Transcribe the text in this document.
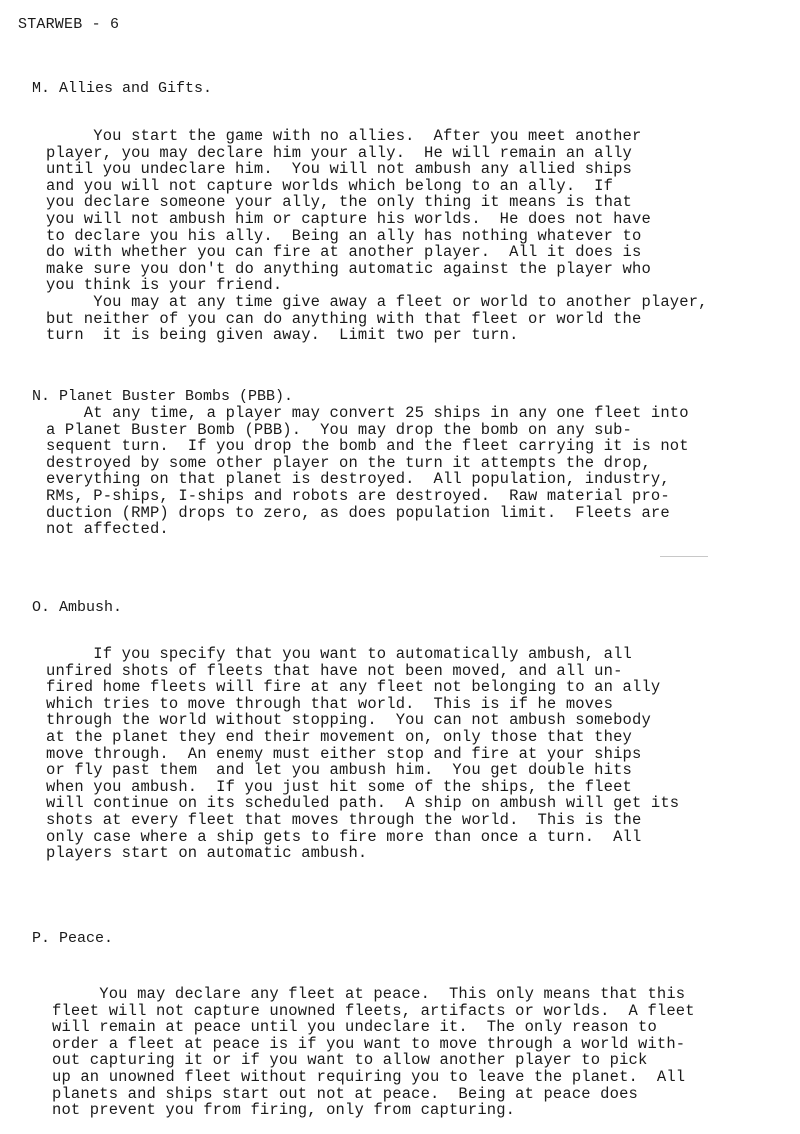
STARWEB - 6
M. Allies and Gifts.
You start the game with no allies.  After you meet another
player, you may declare him your ally.  He will remain an ally
until you undeclare him.  You will not ambush any allied ships
and you will not capture worlds which belong to an ally.  If
you declare someone your ally, the only thing it means is that
you will not ambush him or capture his worlds.  He does not have
to declare you his ally.  Being an ally has nothing whatever to
do with whether you can fire at another player.  All it does is
make sure you don't do anything automatic against the player who
you think is your friend.
You may at any time give away a fleet or world to another player,
but neither of you can do anything with that fleet or world the
turn  it is being given away.  Limit two per turn.
N. Planet Buster Bombs (PBB).
At any time, a player may convert 25 ships in any one fleet into
a Planet Buster Bomb (PBB).  You may drop the bomb on any sub-
sequent turn.  If you drop the bomb and the fleet carrying it is not
destroyed by some other player on the turn it attempts the drop,
everything on that planet is destroyed.  All population, industry,
RMs, P-ships, I-ships and robots are destroyed.  Raw material pro-
duction (RMP) drops to zero, as does population limit.  Fleets are
not affected.
O. Ambush.
If you specify that you want to automatically ambush, all
unfired shots of fleets that have not been moved, and all un-
fired home fleets will fire at any fleet not belonging to an ally
which tries to move through that world.  This is if he moves
through the world without stopping.  You can not ambush somebody
at the planet they end their movement on, only those that they
move through.  An enemy must either stop and fire at your ships
or fly past them  and let you ambush him.  You get double hits
when you ambush.  If you just hit some of the ships, the fleet
will continue on its scheduled path.  A ship on ambush will get its
shots at every fleet that moves through the world.  This is the
only case where a ship gets to fire more than once a turn.  All
players start on automatic ambush.
P. Peace.
You may declare any fleet at peace.  This only means that this
fleet will not capture unowned fleets, artifacts or worlds.  A fleet
will remain at peace until you undeclare it.  The only reason to
order a fleet at peace is if you want to move through a world with-
out capturing it or if you want to allow another player to pick
up an unowned fleet without requiring you to leave the planet.  All
planets and ships start out not at peace.  Being at peace does
not prevent you from firing, only from capturing.
